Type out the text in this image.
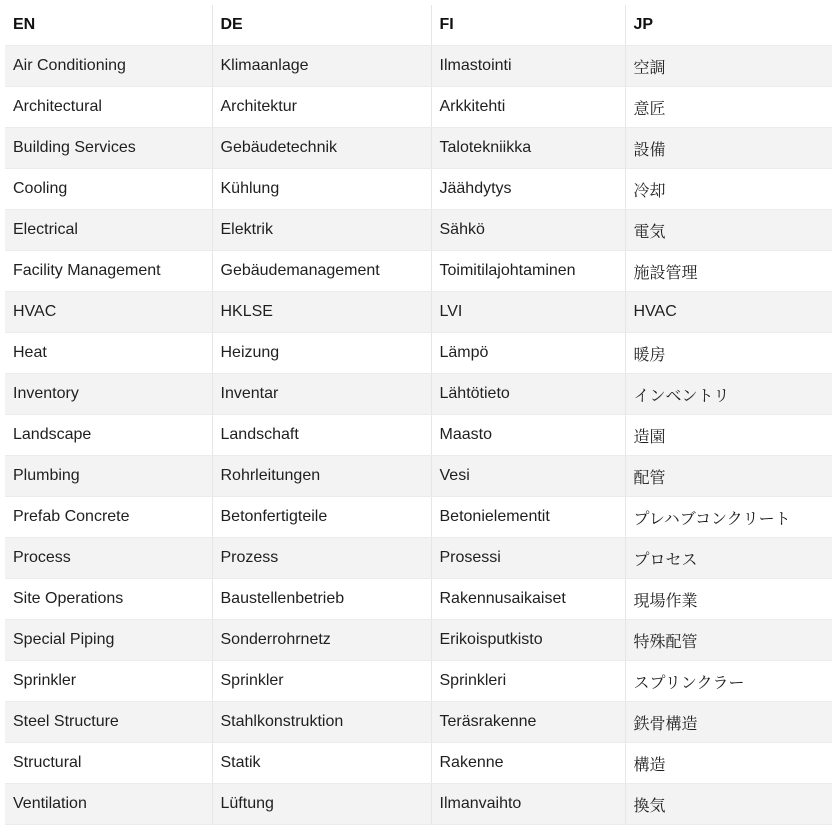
EN	DE	FI	JP
Air Conditioning	Klimaanlage	Ilmastointi	空調
Architectural	Architektur	Arkkitehti	意匠
Building Services	Gebäudetechnik	Talotekniikka	設備
Cooling	Kühlung	Jäähdytys	冷却
Electrical	Elektrik	Sähkö	電気
Facility Management	Gebäudemanagement	Toimitilajohtaminen	施設管理
HVAC	HKLSE	LVI	HVAC
Heat	Heizung	Lämpö	暖房
Inventory	Inventar	Lähtötieto	インベントリ
Landscape	Landschaft	Maasto	造園
Plumbing	Rohrleitungen	Vesi	配管
Prefab Concrete	Betonfertigteile	Betonielementit	プレハブコンクリート
Process	Prozess	Prosessi	プロセス
Site Operations	Baustellenbetrieb	Rakennusaikaiset	現場作業
Special Piping	Sonderrohrnetz	Erikoisputkisto	特殊配管
Sprinkler	Sprinkler	Sprinkleri	スプリンクラー
Steel Structure	Stahlkonstruktion	Teräsrakenne	鉄骨構造
Structural	Statik	Rakenne	構造
Ventilation	Lüftung	Ilmanvaihto	換気
